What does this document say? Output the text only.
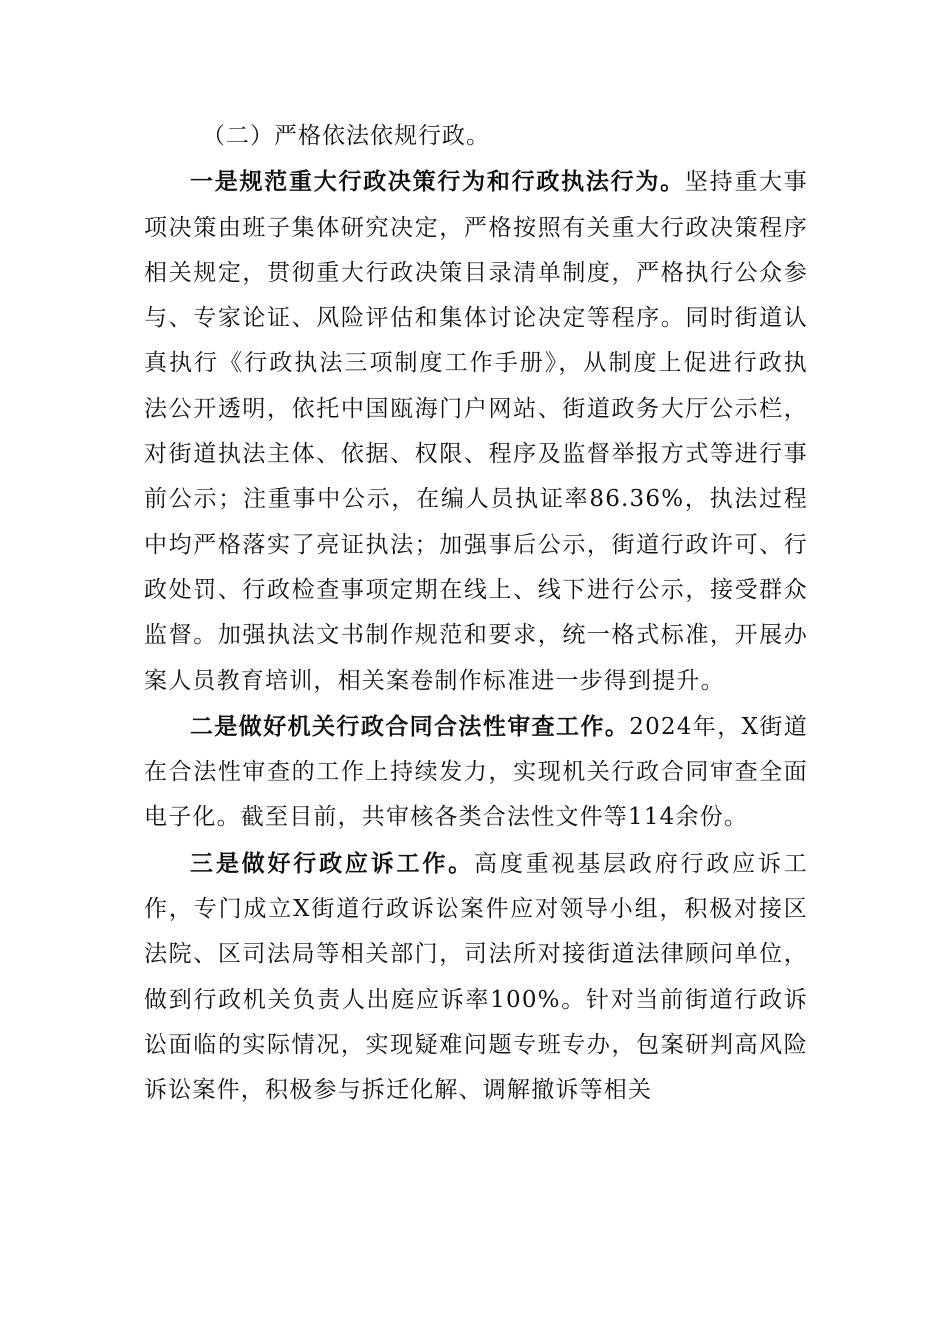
（二）严格依法依规行政。

一是规范重大行政决策行为和行政执法行为。坚持重大事项决策由班子集体研究决定，严格按照有关重大行政决策程序相关规定，贯彻重大行政决策目录清单制度，严格执行公众参与、专家论证、风险评估和集体讨论决定等程序。同时街道认真执行《行政执法三项制度工作手册》，从制度上促进行政执法公开透明，依托中国瓯海门户网站、街道政务大厅公示栏，对街道执法主体、依据、权限、程序及监督举报方式等进行事前公示；注重事中公示，在编人员执证率86.36%，执法过程中均严格落实了亮证执法；加强事后公示，街道行政许可、行政处罚、行政检查事项定期在线上、线下进行公示，接受群众监督。加强执法文书制作规范和要求，统一格式标准，开展办案人员教育培训，相关案卷制作标准进一步得到提升。

二是做好机关行政合同合法性审查工作。2024年，X街道在合法性审查的工作上持续发力，实现机关行政合同审查全面电子化。截至目前，共审核各类合法性文件等114余份。

三是做好行政应诉工作。高度重视基层政府行政应诉工作，专门成立X街道行政诉讼案件应对领导小组，积极对接区法院、区司法局等相关部门，司法所对接街道法律顾问单位，做到行政机关负责人出庭应诉率100%。针对当前街道行政诉讼面临的实际情况，实现疑难问题专班专办，包案研判高风险诉讼案件，积极参与拆迁化解、调解撤诉等相关
